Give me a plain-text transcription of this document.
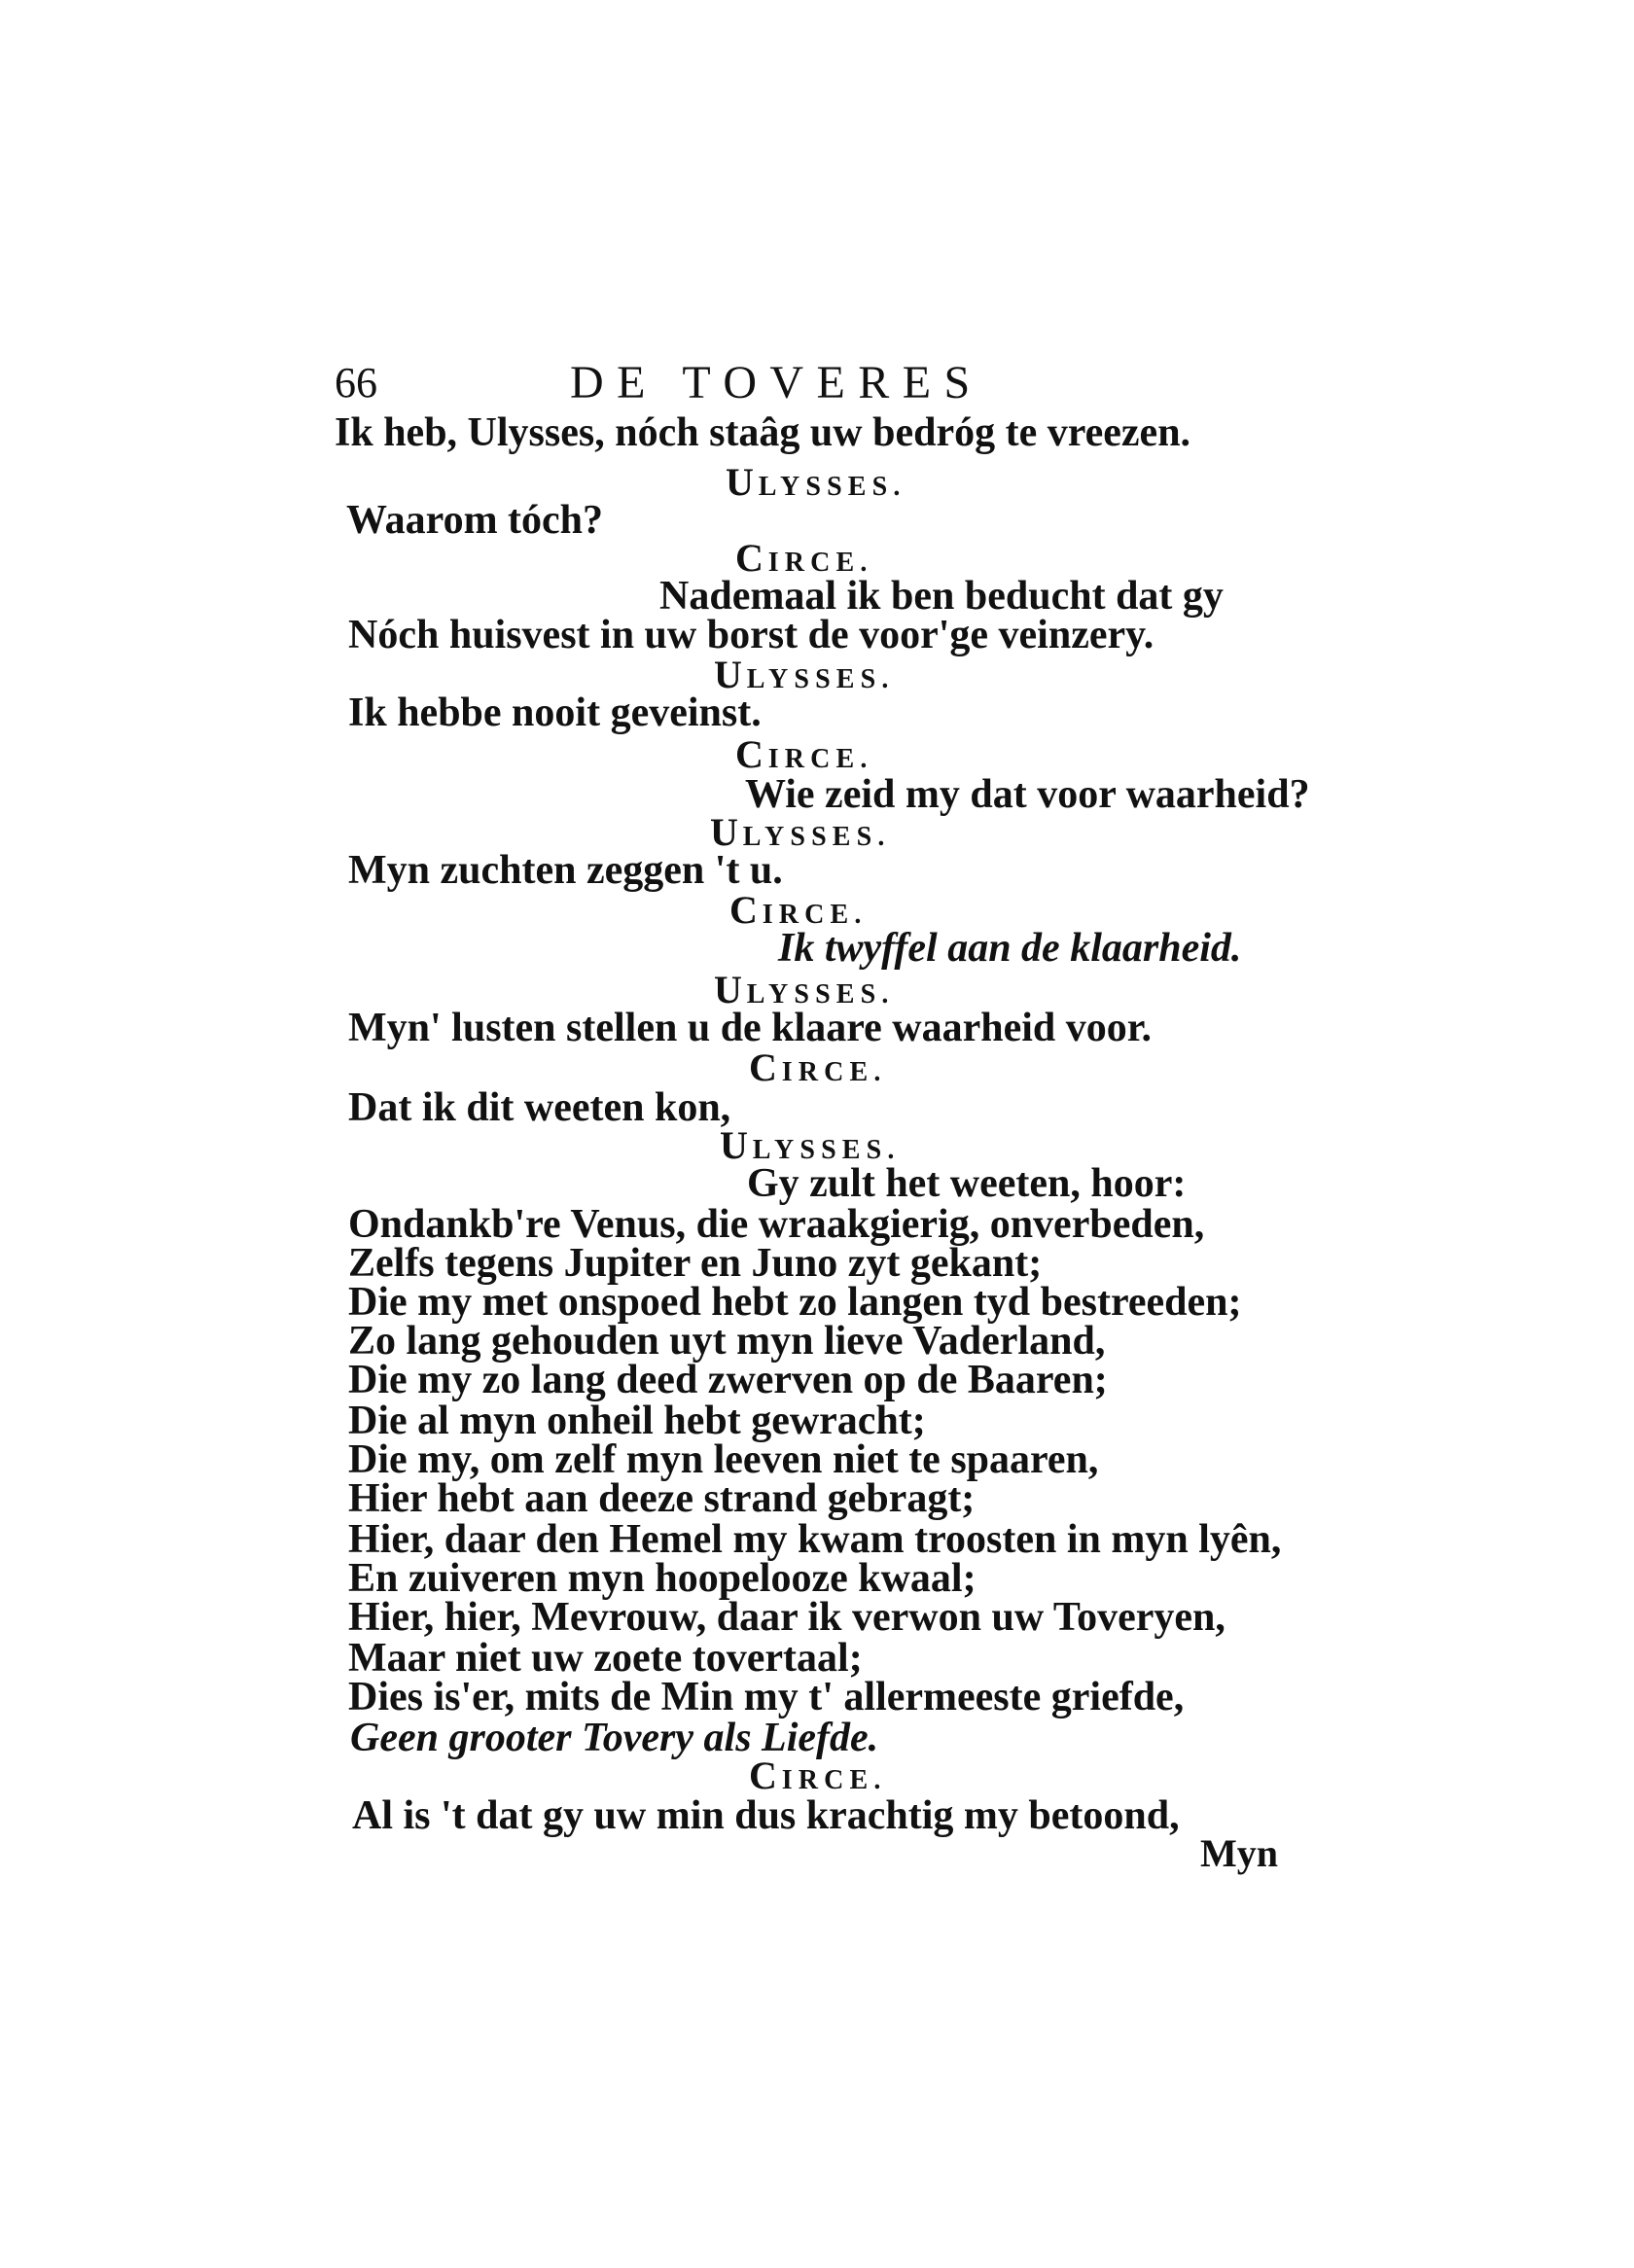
66	DE TOVERES
Ik heb, Ulysses, nóch staâg uw bedróg te vreezen.
ULYSSES.
Waarom tóch?
CIRCE.
Nademaal ik ben beducht dat gy
Nóch huisvest in uw borst de voor'ge veinzery.
ULYSSES.
Ik hebbe nooit geveinst.
CIRCE.
Wie zeid my dat voor waarheid?
ULYSSES.
Myn zuchten zeggen 't u.
CIRCE.
Ik twyffel aan de klaarheid.
ULYSSES.
Myn' lusten stellen u de klaare waarheid voor.
CIRCE.
Dat ik dit weeten kon,
ULYSSES.
Gy zult het weeten, hoor:
Ondankb're Venus, die wraakgierig, onverbeden,
Zelfs tegens Jupiter en Juno zyt gekant;
Die my met onspoed hebt zo langen tyd bestreeden;
Zo lang gehouden uyt myn lieve Vaderland,
Die my zo lang deed zwerven op de Baaren;
Die al myn onheil hebt gewracht;
Die my, om zelf myn leeven niet te spaaren,
Hier hebt aan deeze strand gebragt;
Hier, daar den Hemel my kwam troosten in myn lyên,
En zuiveren myn hoopelooze kwaal;
Hier, hier, Mevrouw, daar ik verwon uw Toveryen,
Maar niet uw zoete tovertaal;
Dies is'er, mits de Min my t' allermeeste griefde,
Geen grooter Tovery als Liefde.
CIRCE.
Al is 't dat gy uw min dus krachtig my betoond,
Myn
